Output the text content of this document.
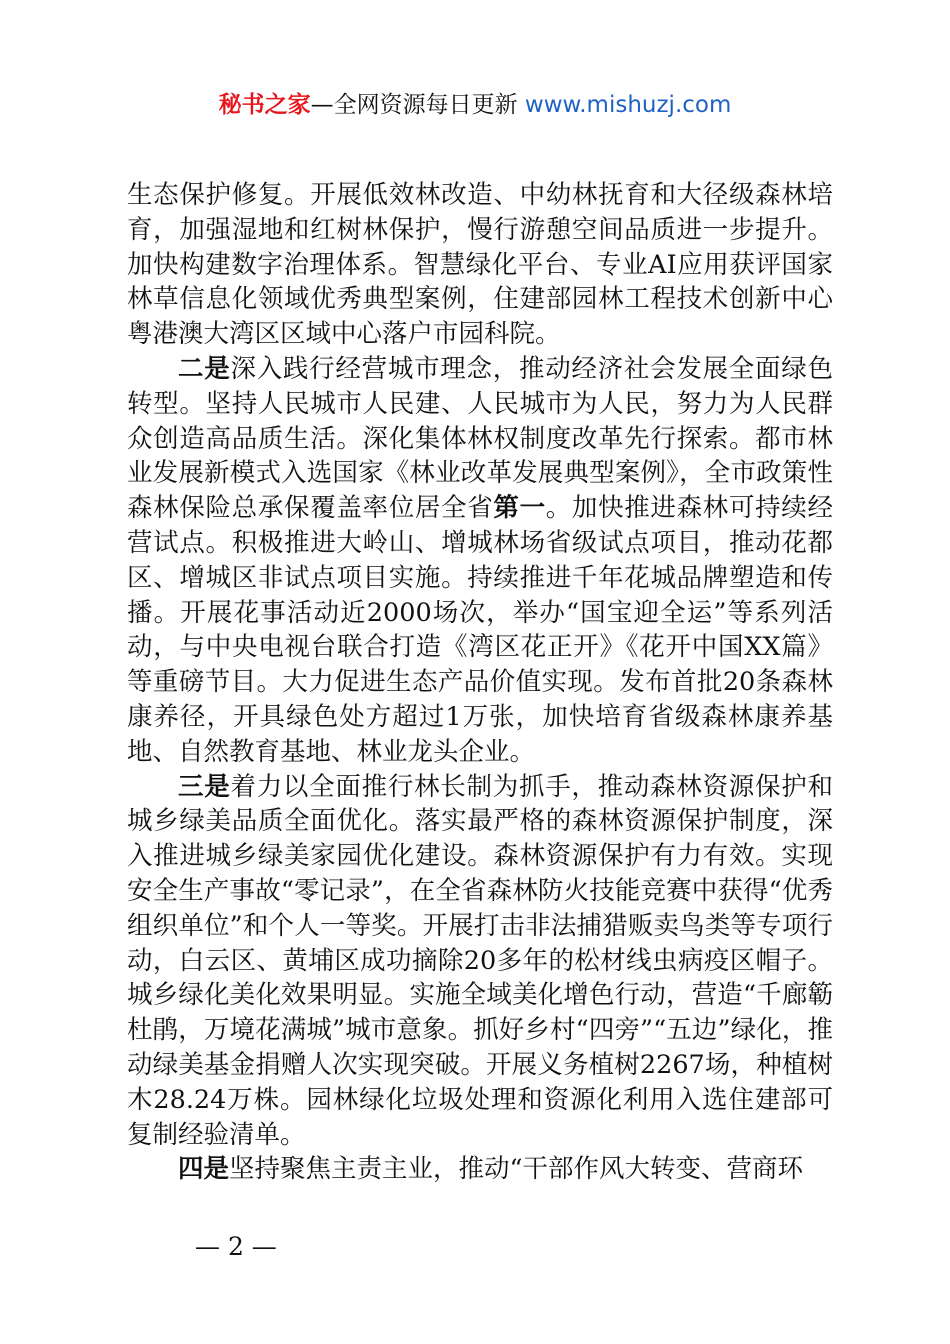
秘书之家—全网资源每日更新 www.mishuzj.com

生态保护修复。开展低效林改造、中幼林抚育和大径级森林培育，加强湿地和红树林保护，慢行游憩空间品质进一步提升。加快构建数字治理体系。智慧绿化平台、专业AI应用获评国家林草信息化领域优秀典型案例，住建部园林工程技术创新中心粤港澳大湾区区域中心落户市园科院。

二是深入践行经营城市理念，推动经济社会发展全面绿色转型。坚持人民城市人民建、人民城市为人民，努力为人民群众创造高品质生活。深化集体林权制度改革先行探索。都市林业发展新模式入选国家《林业改革发展典型案例》，全市政策性森林保险总承保覆盖率位居全省第一。加快推进森林可持续经营试点。积极推进大岭山、增城林场省级试点项目，推动花都区、增城区非试点项目实施。持续推进千年花城品牌塑造和传播。开展花事活动近2000场次，举办“国宝迎全运”等系列活动，与中央电视台联合打造《湾区花正开》《花开中国XX篇》等重磅节目。大力促进生态产品价值实现。发布首批20条森林康养径，开具绿色处方超过1万张，加快培育省级森林康养基地、自然教育基地、林业龙头企业。

三是着力以全面推行林长制为抓手，推动森林资源保护和城乡绿美品质全面优化。落实最严格的森林资源保护制度，深入推进城乡绿美家园优化建设。森林资源保护有力有效。实现安全生产事故“零记录”，在全省森林防火技能竞赛中获得“优秀组织单位”和个人一等奖。开展打击非法捕猎贩卖鸟类等专项行动，白云区、黄埔区成功摘除20多年的松材线虫病疫区帽子。城乡绿化美化效果明显。实施全域美化增色行动，营造“千廊簕杜鹃，万境花满城”城市意象。抓好乡村“四旁”“五边”绿化，推动绿美基金捐赠人次实现突破。开展义务植树2267场，种植树木28.24万株。园林绿化垃圾处理和资源化利用入选住建部可复制经验清单。

四是坚持聚焦主责主业，推动“干部作风大转变、营商环

— 2 —
